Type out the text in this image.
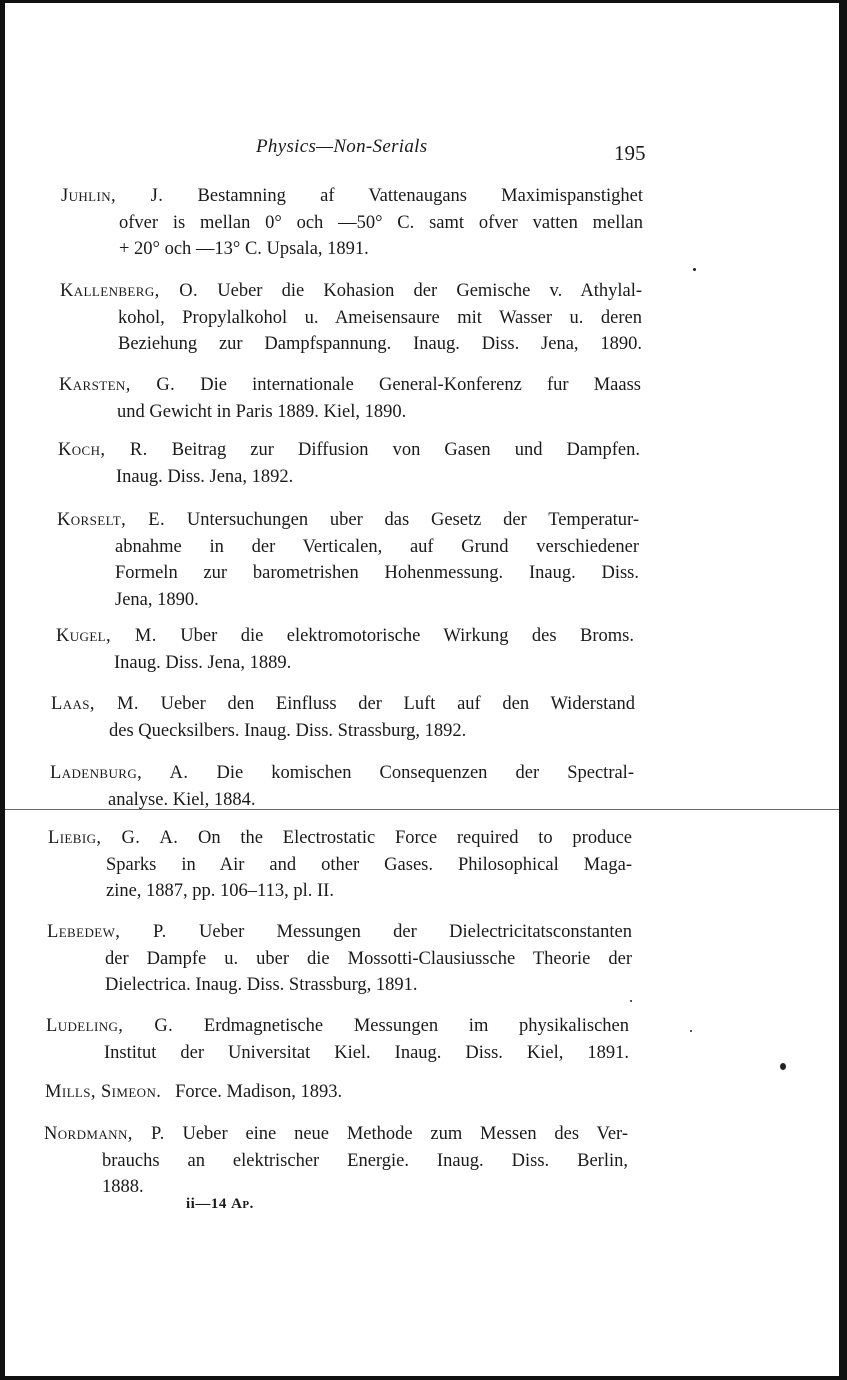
Physics—Non-Serials	195
Juhlin, J. Bestamning af Vattenaugans Maximispanstighet
ofver is mellan 0° och —50° C. samt ofver vatten mellan
+ 20° och —13° C. Upsala, 1891.
Kallenberg, O. Ueber die Kohasion der Gemische v. Athylal-
kohol, Propylalkohol u. Ameisensaure mit Wasser u. deren
Beziehung zur Dampfspannung. Inaug. Diss. Jena, 1890.
Karsten, G. Die internationale General-Konferenz fur Maass
und Gewicht in Paris 1889. Kiel, 1890.
Koch, R. Beitrag zur Diffusion von Gasen und Dampfen.
Inaug. Diss. Jena, 1892.
Korselt, E. Untersuchungen uber das Gesetz der Temperatur-
abnahme in der Verticalen, auf Grund verschiedener
Formeln zur barometrishen Hohenmessung. Inaug. Diss.
Jena, 1890.
Kugel, M. Uber die elektromotorische Wirkung des Broms.
Inaug. Diss. Jena, 1889.
Laas, M. Ueber den Einfluss der Luft auf den Widerstand
des Quecksilbers. Inaug. Diss. Strassburg, 1892.
Ladenburg, A. Die komischen Consequenzen der Spectral-
analyse. Kiel, 1884.
Liebig, G. A. On the Electrostatic Force required to produce
Sparks in Air and other Gases. Philosophical Maga-
zine, 1887, pp. 106–113, pl. II.
Lebedew, P. Ueber Messungen der Dielectricitatsconstanten
der Dampfe u. uber die Mossotti-Clausiussche Theorie der
Dielectrica. Inaug. Diss. Strassburg, 1891.
Ludeling, G. Erdmagnetische Messungen im physikalischen
Institut der Universitat Kiel. Inaug. Diss. Kiel, 1891.
Mills, Simeon. Force. Madison, 1893.
Nordmann, P. Ueber eine neue Methode zum Messen des Ver-
brauchs an elektrischer Energie. Inaug. Diss. Berlin,
1888.
ii—14 Ap.
